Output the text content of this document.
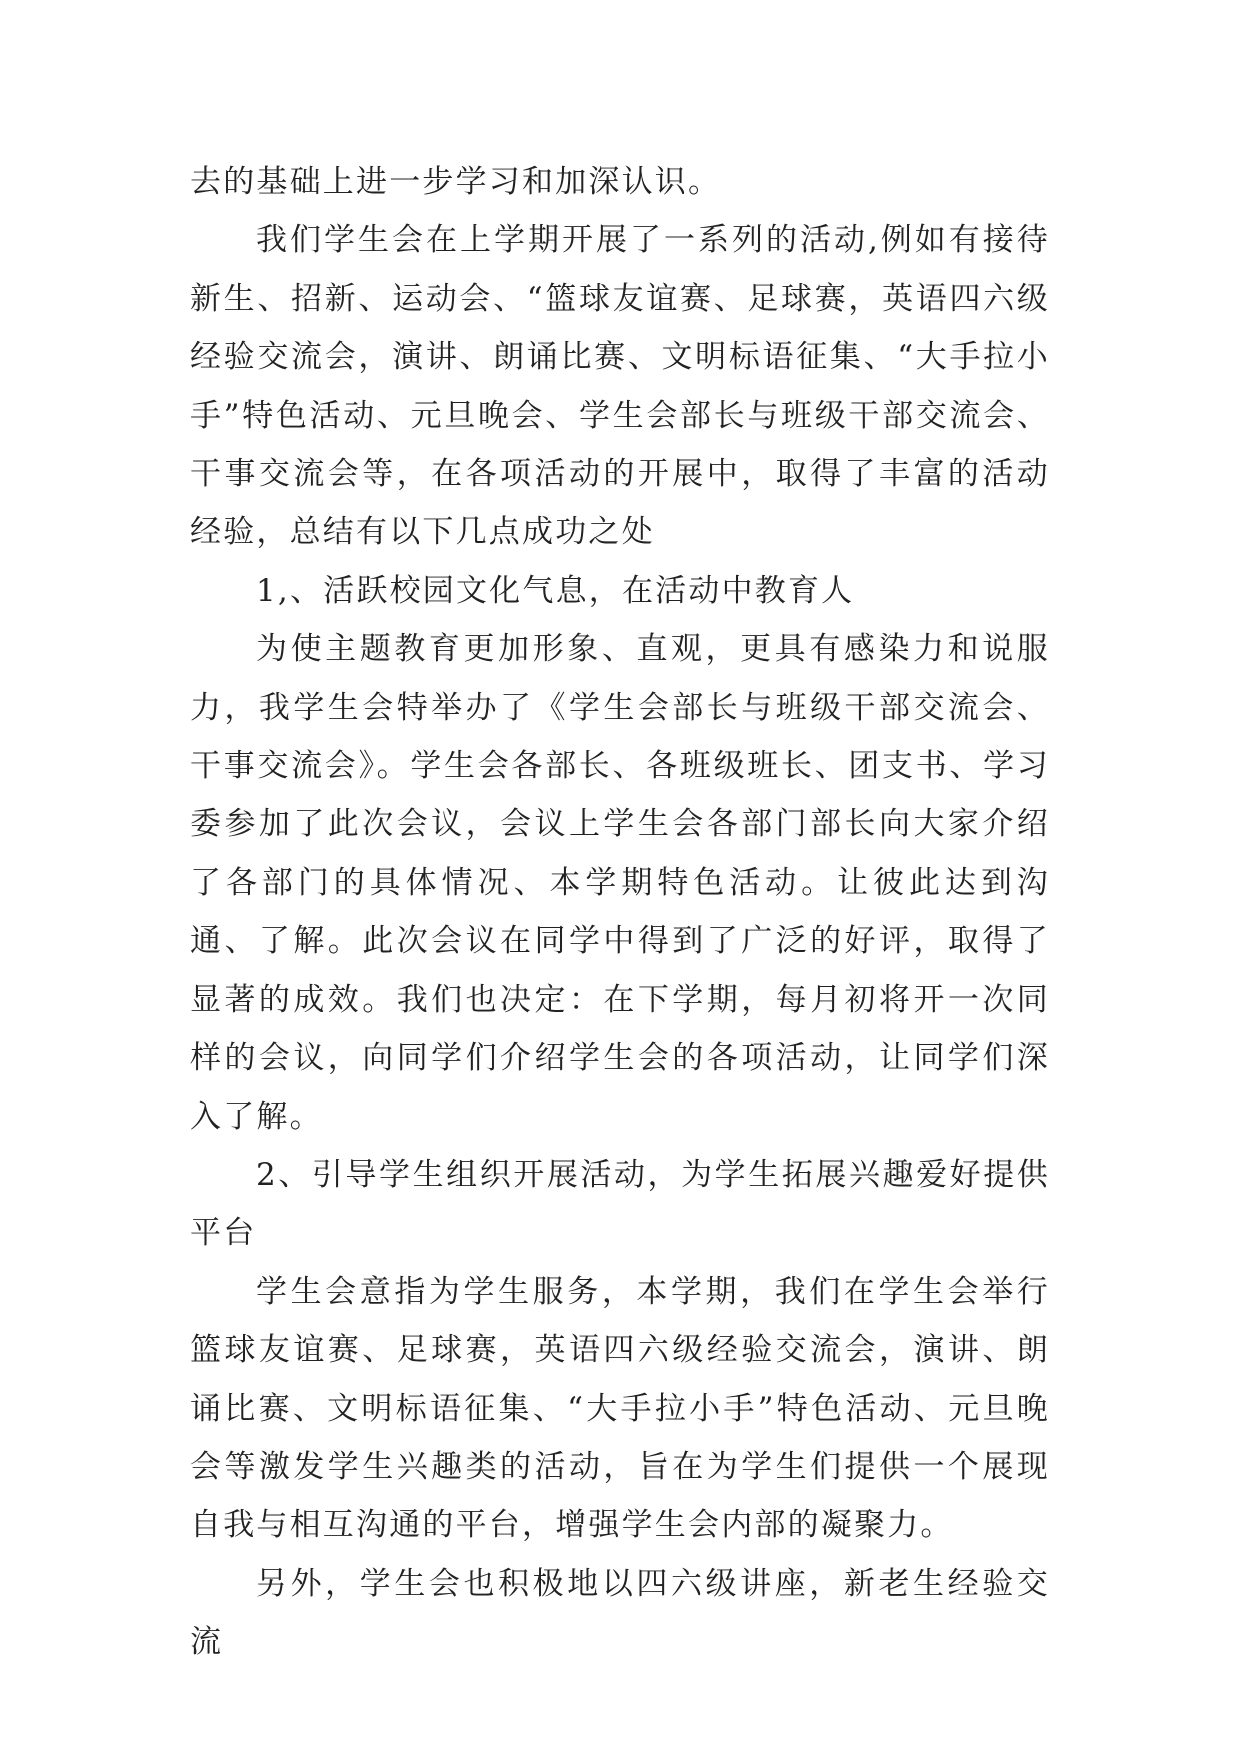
去的基础上进一步学习和加深认识。

我们学生会在上学期开展了一系列的活动,例如有接待新生、招新、运动会、“篮球友谊赛、足球赛，英语四六级经验交流会，演讲、朗诵比赛、文明标语征集、“大手拉小手”特色活动、元旦晚会、学生会部长与班级干部交流会、干事交流会等，在各项活动的开展中，取得了丰富的活动经验，总结有以下几点成功之处

1,、活跃校园文化气息，在活动中教育人

为使主题教育更加形象、直观，更具有感染力和说服力，我学生会特举办了《学生会部长与班级干部交流会、干事交流会》。学生会各部长、各班级班长、团支书、学习委参加了此次会议，会议上学生会各部门部长向大家介绍了各部门的具体情况、本学期特色活动。让彼此达到沟通、了解。此次会议在同学中得到了广泛的好评，取得了显著的成效。我们也决定：在下学期，每月初将开一次同样的会议，向同学们介绍学生会的各项活动，让同学们深入了解。

2、引导学生组织开展活动，为学生拓展兴趣爱好提供平台

学生会意指为学生服务，本学期，我们在学生会举行篮球友谊赛、足球赛，英语四六级经验交流会，演讲、朗诵比赛、文明标语征集、“大手拉小手”特色活动、元旦晚会等激发学生兴趣类的活动，旨在为学生们提供一个展现自我与相互沟通的平台，增强学生会内部的凝聚力。

另外，学生会也积极地以四六级讲座，新老生经验交流
